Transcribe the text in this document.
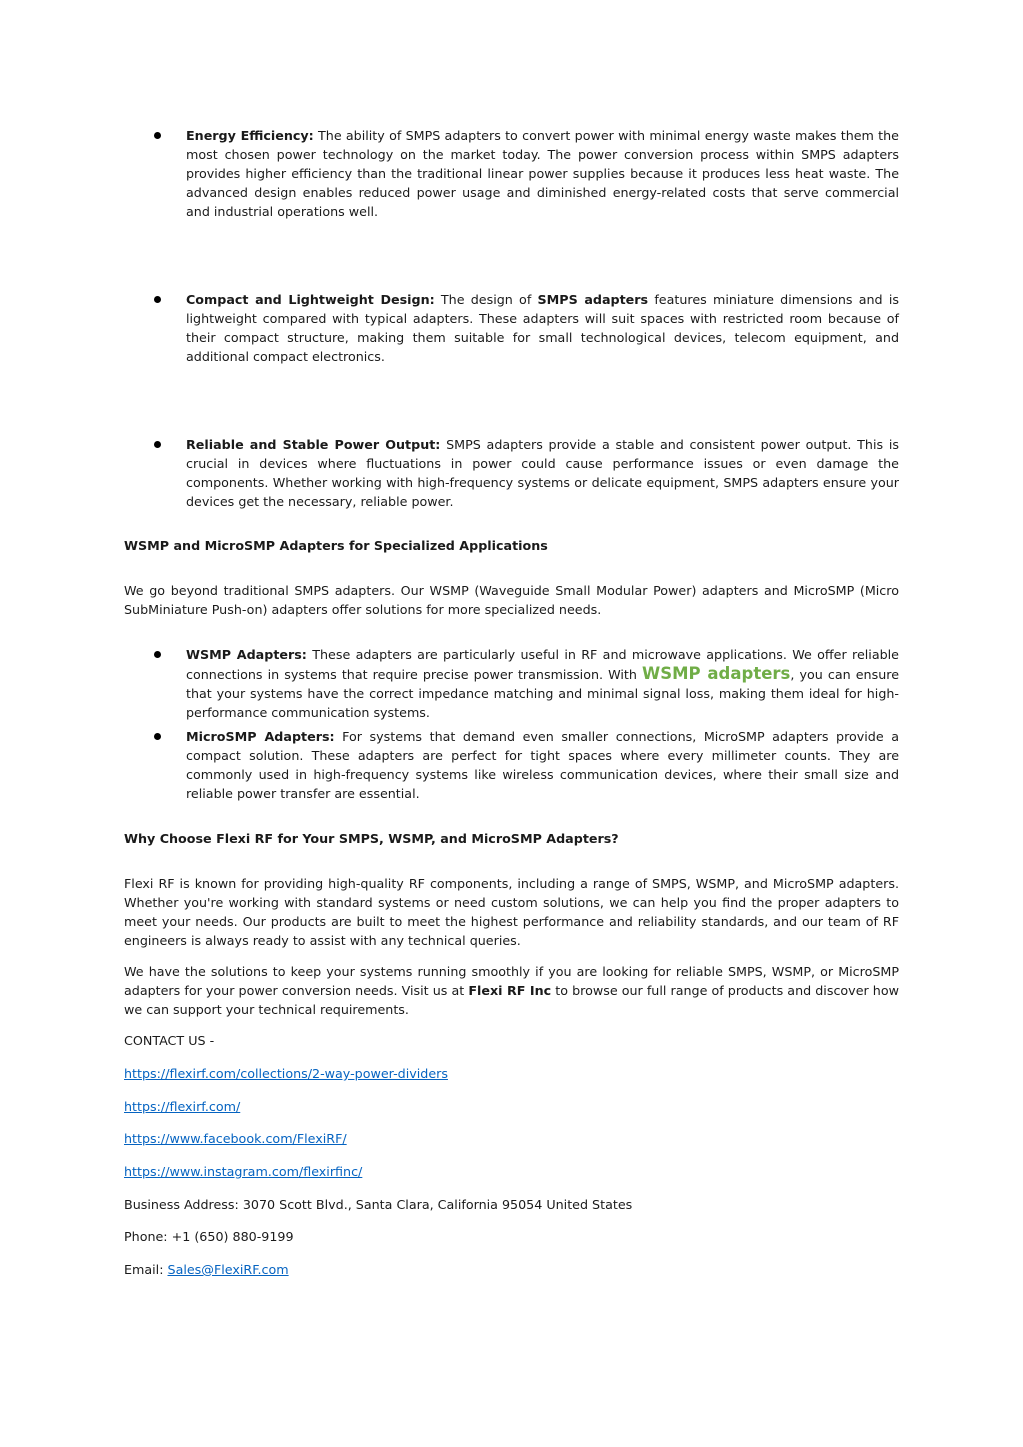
Energy Efficiency: The ability of SMPS adapters to convert power with minimal energy waste makes them the most chosen power technology on the market today. The power conversion process within SMPS adapters provides higher efficiency than the traditional linear power supplies because it produces less heat waste. The advanced design enables reduced power usage and diminished energy-related costs that serve commercial and industrial operations well.
Compact and Lightweight Design: The design of SMPS adapters features miniature dimensions and is lightweight compared with typical adapters. These adapters will suit spaces with restricted room because of their compact structure, making them suitable for small technological devices, telecom equipment, and additional compact electronics.
Reliable and Stable Power Output: SMPS adapters provide a stable and consistent power output. This is crucial in devices where fluctuations in power could cause performance issues or even damage the components. Whether working with high-frequency systems or delicate equipment, SMPS adapters ensure your devices get the necessary, reliable power.
WSMP and MicroSMP Adapters for Specialized Applications
We go beyond traditional SMPS adapters. Our WSMP (Waveguide Small Modular Power) adapters and MicroSMP (Micro SubMiniature Push-on) adapters offer solutions for more specialized needs.
WSMP Adapters: These adapters are particularly useful in RF and microwave applications. We offer reliable connections in systems that require precise power transmission. With WSMP adapters, you can ensure that your systems have the correct impedance matching and minimal signal loss, making them ideal for high-performance communication systems.
MicroSMP Adapters: For systems that demand even smaller connections, MicroSMP adapters provide a compact solution. These adapters are perfect for tight spaces where every millimeter counts. They are commonly used in high-frequency systems like wireless communication devices, where their small size and reliable power transfer are essential.
Why Choose Flexi RF for Your SMPS, WSMP, and MicroSMP Adapters?
Flexi RF is known for providing high-quality RF components, including a range of SMPS, WSMP, and MicroSMP adapters. Whether you're working with standard systems or need custom solutions, we can help you find the proper adapters to meet your needs. Our products are built to meet the highest performance and reliability standards, and our team of RF engineers is always ready to assist with any technical queries.
We have the solutions to keep your systems running smoothly if you are looking for reliable SMPS, WSMP, or MicroSMP adapters for your power conversion needs. Visit us at Flexi RF Inc to browse our full range of products and discover how we can support your technical requirements.
CONTACT US -
https://flexirf.com/collections/2-way-power-dividers
https://flexirf.com/
https://www.facebook.com/FlexiRF/
https://www.instagram.com/flexirfinc/
Business Address: 3070 Scott Blvd., Santa Clara, California 95054 United States
Phone: +1 (650) 880-9199
Email: Sales@FlexiRF.com
